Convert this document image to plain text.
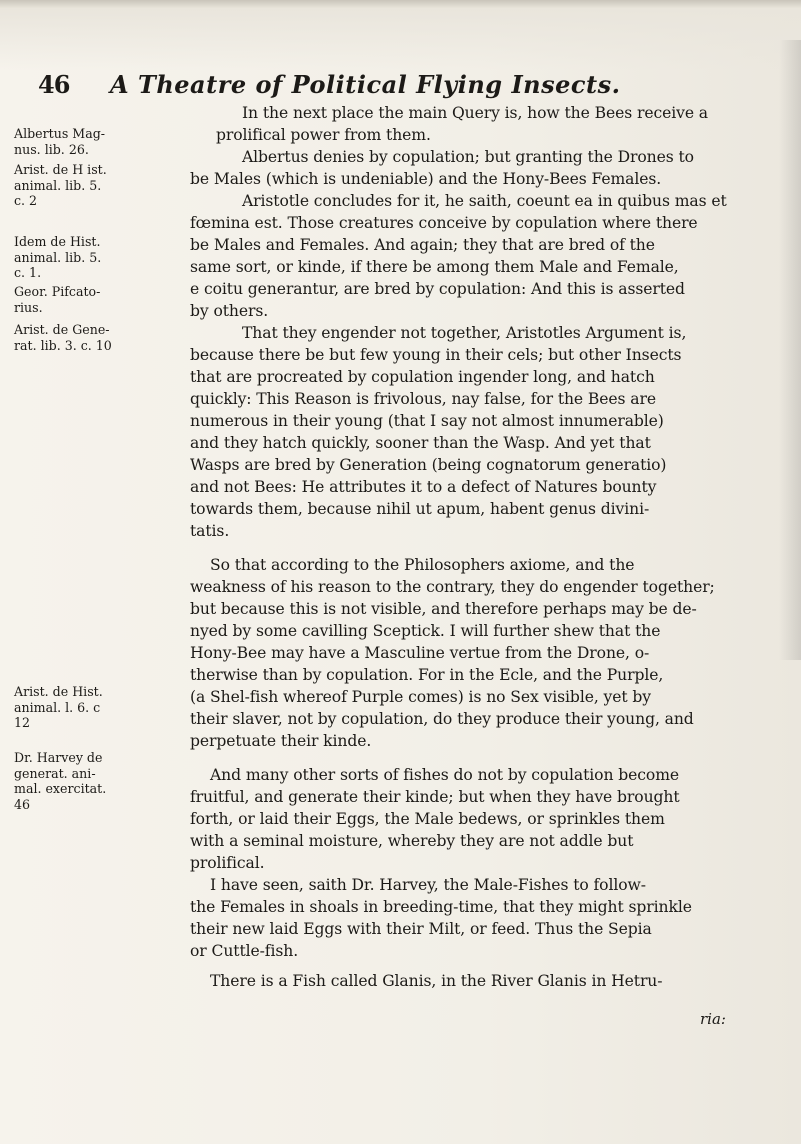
46 A Theatre of Political Flying Insects.
Albertus Mag-
nus. lib. 26.
Arist. de H ist.
animal. lib. 5.
c. 2
Idem de Hist.
animal. lib. 5.
c. 1.
Geor. Pifcato-
rius.
Arist. de Gene-
rat. lib. 3. c. 10
Arist. de Hist.
animal. l. 6. c
12
Dr. Harvey de
generat. ani-
mal. exercitat.
46
In the next place the main Query is, how the Bees receive a
prolifical power from them.
Albertus denies by copulation; but granting the Drones to
be Males (which is undeniable) and the Hony-Bees Females.
Aristotle concludes for it, he saith, coeunt ea in quibus mas et
fœmina est. Those creatures conceive by copulation where there
be Males and Females. And again; they that are bred of the
same sort, or kinde, if there be among them Male and Female,
e coitu generantur, are bred by copulation: And this is asserted
by others.
That they engender not together, Aristotles Argument is,
because there be but few young in their cels; but other Insects
that are procreated by copulation ingender long, and hatch
quickly: This Reason is frivolous, nay false, for the Bees are
numerous in their young (that I say not almost innumerable)
and they hatch quickly, sooner than the Wasp. And yet that
Wasps are bred by Generation (being cognatorum generatio)
and not Bees: He attributes it to a defect of Natures bounty
towards them, because nihil ut apum, habent genus divini-
tatis.
So that according to the Philosophers axiome, and the
weakness of his reason to the contrary, they do engender together;
but because this is not visible, and therefore perhaps may be de-
nyed by some cavilling Sceptick. I will further shew that the
Hony-Bee may have a Masculine vertue from the Drone, o-
therwise than by copulation. For in the Ecle, and the Purple,
(a Shel-fish whereof Purple comes) is no Sex visible, yet by
their slaver, not by copulation, do they produce their young, and
perpetuate their kinde.
And many other sorts of fishes do not by copulation become
fruitful, and generate their kinde; but when they have brought
forth, or laid their Eggs, the Male bedews, or sprinkles them
with a seminal moisture, whereby they are not addle but
prolifical.
I have seen, saith Dr. Harvey, the Male-Fishes to follow-
the Females in shoals in breeding-time, that they might sprinkle
their new laid Eggs with their Milt, or feed. Thus the Sepia
or Cuttle-fish.
There is a Fish called Glanis, in the River Glanis in Hetru-
ria:
